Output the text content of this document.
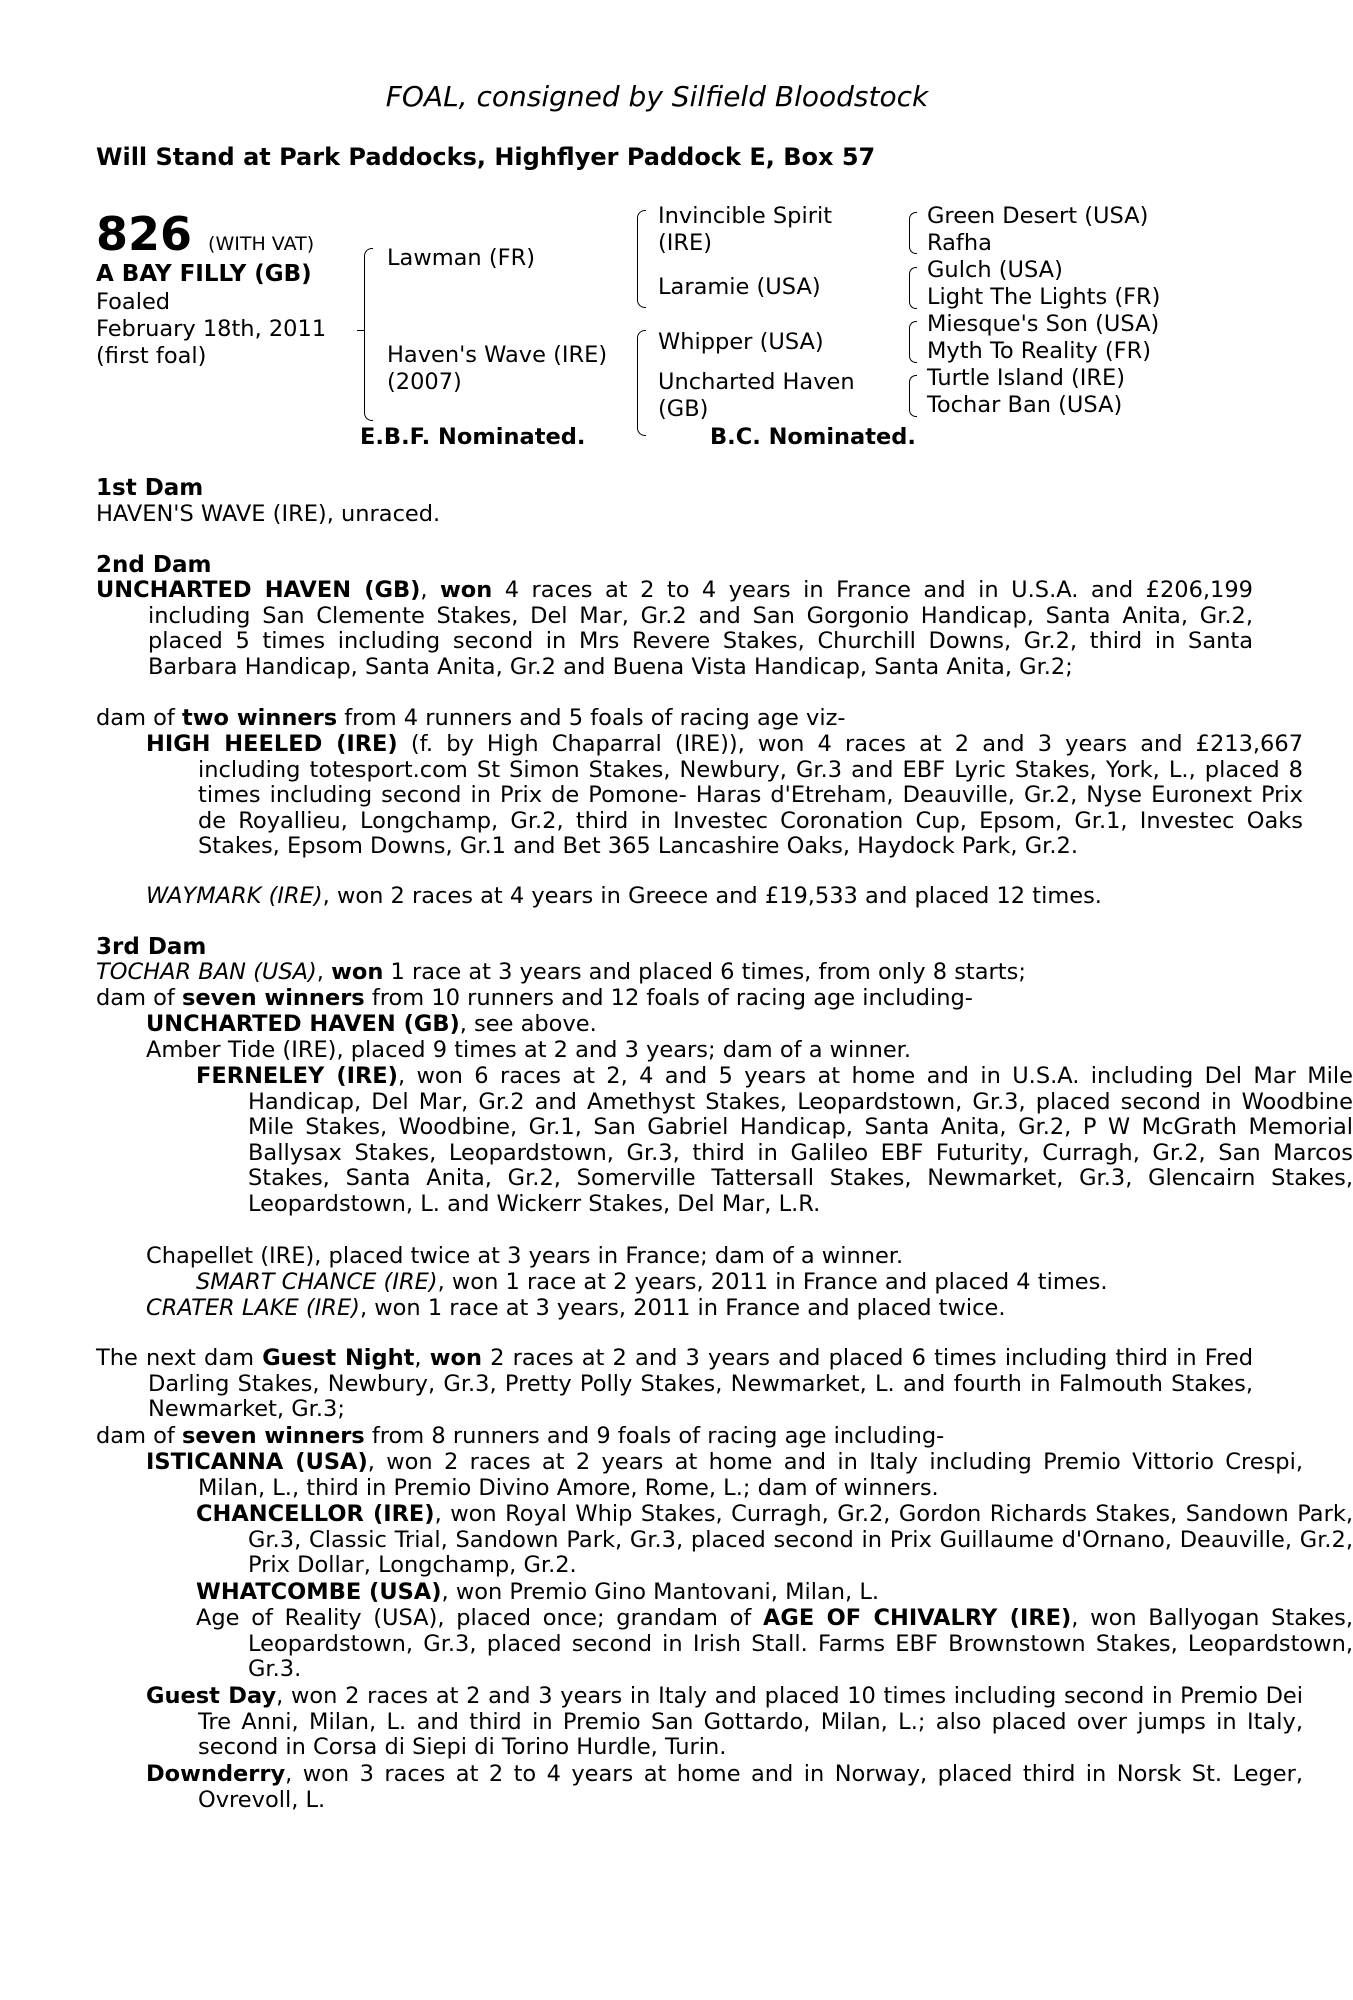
FOAL, consigned by Silfield Bloodstock
Will Stand at Park Paddocks, Highflyer Paddock E, Box 57
826 (WITH VAT)
A BAY FILLY (GB)
Foaled
February 18th, 2011
(first foal)
Lawman (FR)
Haven's Wave (IRE)
(2007)
Invincible Spirit
(IRE)
Laramie (USA)
Whipper (USA)
Uncharted Haven
(GB)
Green Desert (USA)
Rafha
Gulch (USA)
Light The Lights (FR)
Miesque's Son (USA)
Myth To Reality (FR)
Turtle Island (IRE)
Tochar Ban (USA)
E.B.F. Nominated.	B.C. Nominated.
1st Dam
HAVEN'S WAVE (IRE), unraced.
2nd Dam
UNCHARTED HAVEN (GB), won 4 races at 2 to 4 years in France and in U.S.A. and £206,199 including San Clemente Stakes, Del Mar, Gr.2 and San Gorgonio Handicap, Santa Anita, Gr.2, placed 5 times including second in Mrs Revere Stakes, Churchill Downs, Gr.2, third in Santa Barbara Handicap, Santa Anita, Gr.2 and Buena Vista Handicap, Santa Anita, Gr.2;
dam of two winners from 4 runners and 5 foals of racing age viz-
HIGH HEELED (IRE) (f. by High Chaparral (IRE)), won 4 races at 2 and 3 years and £213,667 including totesport.com St Simon Stakes, Newbury, Gr.3 and EBF Lyric Stakes, York, L., placed 8 times including second in Prix de Pomone- Haras d'Etreham, Deauville, Gr.2, Nyse Euronext Prix de Royallieu, Longchamp, Gr.2, third in Investec Coronation Cup, Epsom, Gr.1, Investec Oaks Stakes, Epsom Downs, Gr.1 and Bet 365 Lancashire Oaks, Haydock Park, Gr.2.
WAYMARK (IRE), won 2 races at 4 years in Greece and £19,533 and placed 12 times.
3rd Dam
TOCHAR BAN (USA), won 1 race at 3 years and placed 6 times, from only 8 starts;
dam of seven winners from 10 runners and 12 foals of racing age including-
UNCHARTED HAVEN (GB), see above.
Amber Tide (IRE), placed 9 times at 2 and 3 years; dam of a winner.
FERNELEY (IRE), won 6 races at 2, 4 and 5 years at home and in U.S.A. including Del Mar Mile Handicap, Del Mar, Gr.2 and Amethyst Stakes, Leopardstown, Gr.3, placed second in Woodbine Mile Stakes, Woodbine, Gr.1, San Gabriel Handicap, Santa Anita, Gr.2, P W McGrath Memorial Ballysax Stakes, Leopardstown, Gr.3, third in Galileo EBF Futurity, Curragh, Gr.2, San Marcos Stakes, Santa Anita, Gr.2, Somerville Tattersall Stakes, Newmarket, Gr.3, Glencairn Stakes, Leopardstown, L. and Wickerr Stakes, Del Mar, L.R.
Chapellet (IRE), placed twice at 3 years in France; dam of a winner.
SMART CHANCE (IRE), won 1 race at 2 years, 2011 in France and placed 4 times.
CRATER LAKE (IRE), won 1 race at 3 years, 2011 in France and placed twice.
The next dam Guest Night, won 2 races at 2 and 3 years and placed 6 times including third in Fred Darling Stakes, Newbury, Gr.3, Pretty Polly Stakes, Newmarket, L. and fourth in Falmouth Stakes, Newmarket, Gr.3;
dam of seven winners from 8 runners and 9 foals of racing age including-
ISTICANNA (USA), won 2 races at 2 years at home and in Italy including Premio Vittorio Crespi, Milan, L., third in Premio Divino Amore, Rome, L.; dam of winners.
CHANCELLOR (IRE), won Royal Whip Stakes, Curragh, Gr.2, Gordon Richards Stakes, Sandown Park, Gr.3, Classic Trial, Sandown Park, Gr.3, placed second in Prix Guillaume d'Ornano, Deauville, Gr.2, Prix Dollar, Longchamp, Gr.2.
WHATCOMBE (USA), won Premio Gino Mantovani, Milan, L.
Age of Reality (USA), placed once; grandam of AGE OF CHIVALRY (IRE), won Ballyogan Stakes, Leopardstown, Gr.3, placed second in Irish Stall. Farms EBF Brownstown Stakes, Leopardstown, Gr.3.
Guest Day, won 2 races at 2 and 3 years in Italy and placed 10 times including second in Premio Dei Tre Anni, Milan, L. and third in Premio San Gottardo, Milan, L.; also placed over jumps in Italy, second in Corsa di Siepi di Torino Hurdle, Turin.
Downderry, won 3 races at 2 to 4 years at home and in Norway, placed third in Norsk St. Leger, Ovrevoll, L.
